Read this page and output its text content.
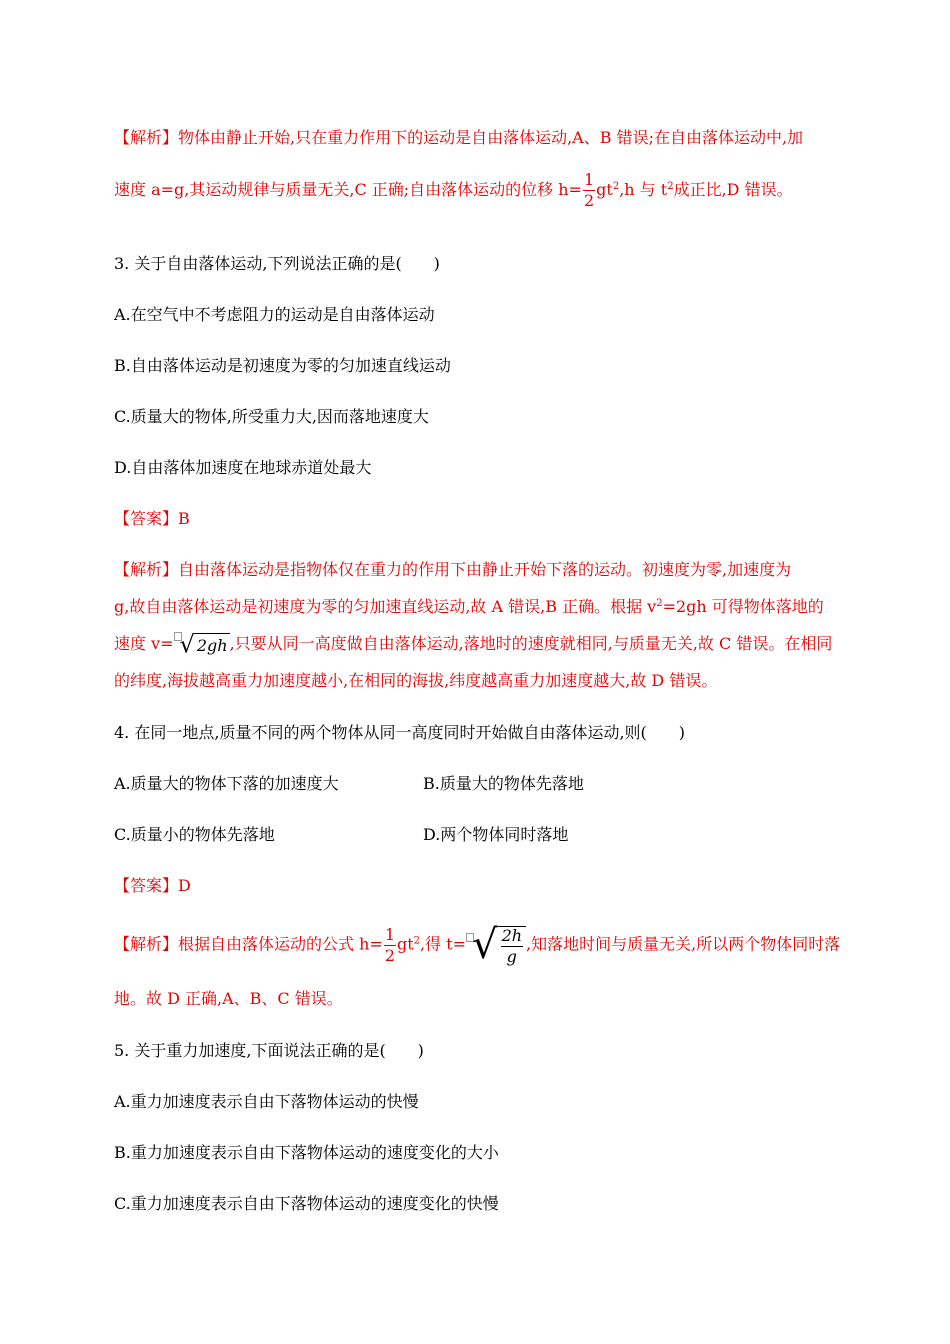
【解析】物体由静止开始,只在重力作用下的运动是自由落体运动,A、B 错误;在自由落体运动中,加
速度 a=g,其运动规律与质量无关,C 正确;自由落体运动的位移 $h= \frac{1}{2} gt^2,h$ 与 $t^2$成正比,D 错误。
3. 关于自由落体运动,下列说法正确的是(　　)
A.在空气中不考虑阻力的运动是自由落体运动
B.自由落体运动是初速度为零的匀加速直线运动
C.质量大的物体,所受重力大,因而落地速度大
D.自由落体加速度在地球赤道处最大
【答案】B
【解析】自由落体运动是指物体仅在重力的作用下由静止开始下落的运动。初速度为零,加速度为
g,故自由落体运动是初速度为零的匀加速直线运动,故 A 错误,B 正确。根据 $v^2=2gh$ 可得物体落地的
速度 v= √ 2gh ,只要从同一高度做自由落体运动,落地时的速度就相同,与质量无关,故 C 错误。在相同
的纬度,海拔越高重力加速度越小,在相同的海拔,纬度越高重力加速度越大,故 D 错误。
4. 在同一地点,质量不同的两个物体从同一高度同时开始做自由落体运动,则(　　)
A.质量大的物体下落的加速度大	B.质量大的物体先落地
C.质量小的物体先落地	D.两个物体同时落地
【答案】D
【解析】根据自由落体运动的公式 $h= \frac{1}{2} gt^2$,得 t= √ $\frac{2h}{g}$ ,知落地时间与质量无关,所以两个物体同时落
地。故 D 正确,A、B、C 错误。
5. 关于重力加速度,下面说法正确的是(　　)
A.重力加速度表示自由下落物体运动的快慢
B.重力加速度表示自由下落物体运动的速度变化的大小
C.重力加速度表示自由下落物体运动的速度变化的快慢
